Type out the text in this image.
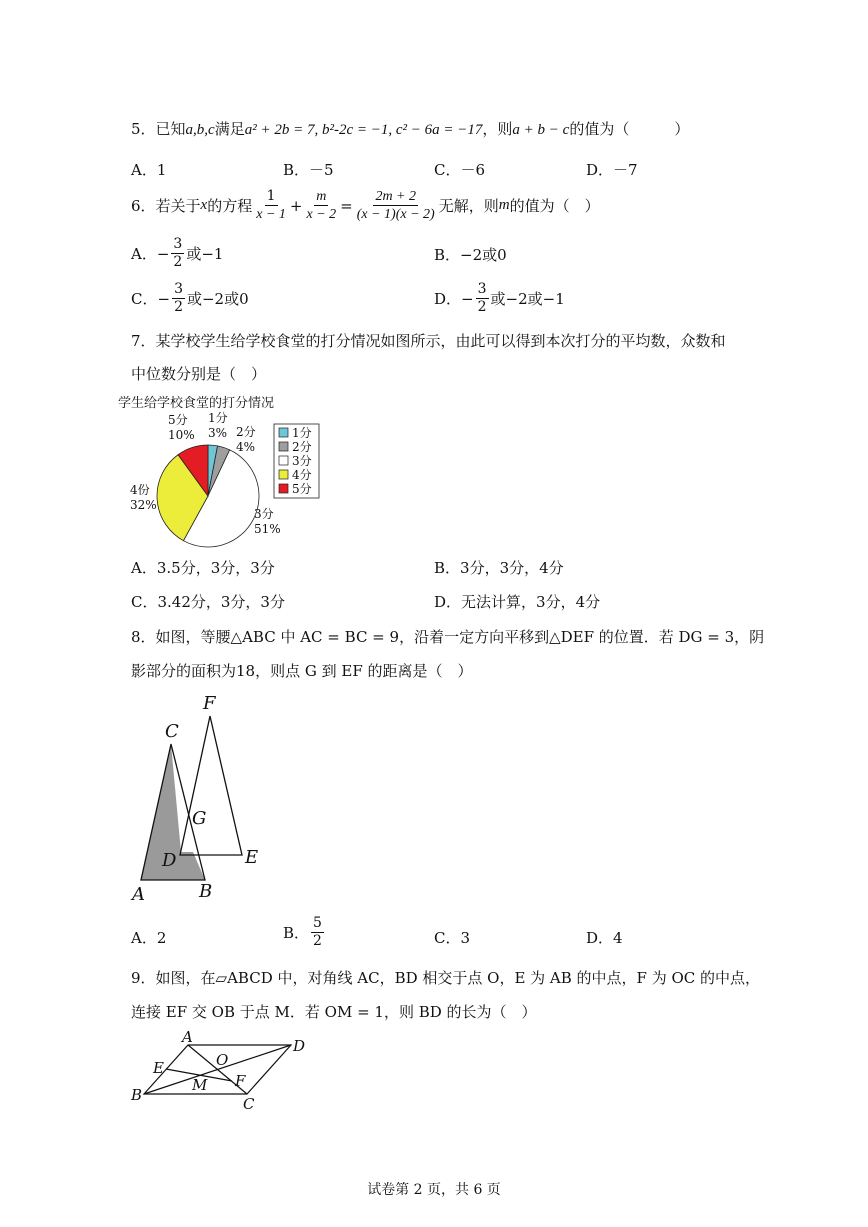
5．已知a,b,c满足a² + 2b = 7, b²-2c = −1, c² − 6a = −17，则a + b − c的值为（　　　）
A．1	B．－5	C．－6	D．－7
6．若关于 x 的方程 $\frac{1}{x - 1} + \frac{m}{x - 2} = \frac{2m + 2}{(x - 1)(x - 2)}$ 无解，则 m 的值为（　）
A． − $\frac{3}{2}$ 或−1	B．−2或0
C． − $\frac{3}{2}$ 或−2或0	D． − $\frac{3}{2}$ 或−2或−1
7．某学校学生给学校食堂的打分情况如图所示，由此可以得到本次打分的平均数，众数和
中位数分别是（　）
学生给学校食堂的打分情况
1分
3% 2分
4%
3分
51%
4份
32%
5分
10%	1分
2分
3分
4分
5分
A．3.5分，3分，3分	B．3分，3分，4分
C．3.42分，3分，3分	D．无法计算，3分，4分
8．如图，等腰△ABC 中 AC = BC = 9，沿着一定方向平移到△DEF 的位置．若 DG = 3，阴
影部分的面积为18，则点 G 到 EF 的距离是（　）
C
F
G
D	E
A	B
A．2	B． $\frac{5}{2}$	C．3	D．4
9．如图，在▱ABCD 中，对角线 AC，BD 相交于点 O，E 为 AB 的中点，F 为 OC 的中点，
连接 EF 交 OB 于点 M．若 OM = 1，则 BD 的长为（　）
A	D
O
E
M F
B	C
试卷第 2 页，共 6 页
